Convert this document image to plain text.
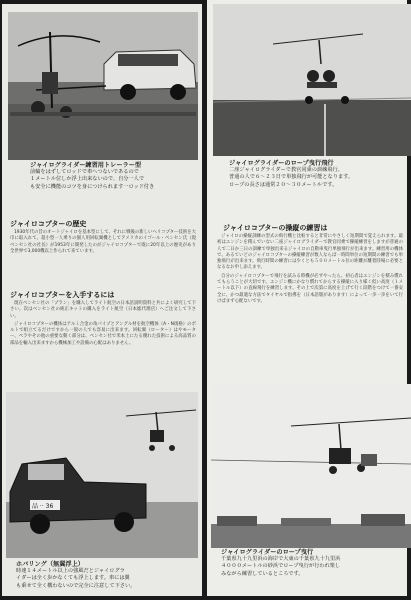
ジャイログライダー練習用トレーラー型
前輪をはずしてロッドで車へつないであるので
１メートル位しか浮上出来ないので、自分一人で
も安全に機能のコツを身につけられます一ロッド付き
ジャイロコプターの歴史

1930年代の昔のオートジャイロを基本型にして、それに戦後の新しいヘリコプター技術を大巾に取入れて、超小型一人乗りの個人用回転翼機としてアメリカのイゴール・ベンセン氏（現ベンセン社の社長）が1953年に開発したのがジャイロコプターで既に20年以上の歴史があり全世界で3,000機以上作られて来ています。

ジャイロコプターを入手するには

現在ベンセン社の「プラン」を購入してライト航空の日本語説明資料と共によく研究して下さい。次はベンセン社の純正キットの購入をライト航空（日本総代理店）へご注文して下さい。

ジャイロコプターの機体はアルミ合金の角パイプとアングル材を航空機体（A・N規格）のボルトで組立てるだけですから一般の人でも容易に出来ます。回転翼（ローター）はやモーター、ペラやその他の重要な動く部分は、ベンセン社で米本土にたる優れた技術による高品質の部品を輸入出来ますから機械加工や設備の心配はありません。

品 ·· 36
ホバリング（無翼浮上）
時速１４メートル以上の強風だとジャイログラ
イダーは全く歩かなくても浮上します。車には翼
も乗せて全く構わないので完全に注意して下さい。
ジャイログライダーのロープ曳行飛行
二座ジャイログライダーで教官同乗の訓練飛行。
普通の人で６〜２３日で単独飛行が可能となります。
ロープの長さは通常２０〜３０メートルです。
ジャイロコプターの操縦の練習は

ジャイロの操縦訓練の型式の飛行機と比較すると非常にやさしく短期間で覚えられます。最初はエンジンを積んでいない二座ジャイログライダーで教官同乗で操縦練習をしますが普通の人で二日か三日の訓練で単独出来るジャイロの自動車曳行単独飛行が出来ます。練習用の機体で、あるていどのジャイロコプターの操縦練習が数人ならば一時間単位の短期間の練習でも単独飛行が出来ます。飛行時間の練習には少くとも５００メートル位の距離が離着陸場に必要となるなお申し添えます。

自分のジャイロコプターで飛行を試みる時機が必ずやったら、初心者はエンジンを積み慣れてもらうことが大切です。エンジン機にかなり慣れてからする操縦に入り様く低い高度（１メートル以下）の直線飛行を練習します。その上で次第に高度を上げて行く段階をつけて一番安全に、かつ最適な方法でタイヤルで指導を（日本語版があります）によって一歩一歩をいて行けばまず心配ないです。

ジャイログライダーのロープ曳行
千葉県九十九里浜の海岸で大東の千葉県九十九里浜
４０００メートルの砂浜でロープ曳行が行われ楽し
みながら練習しているところです。
